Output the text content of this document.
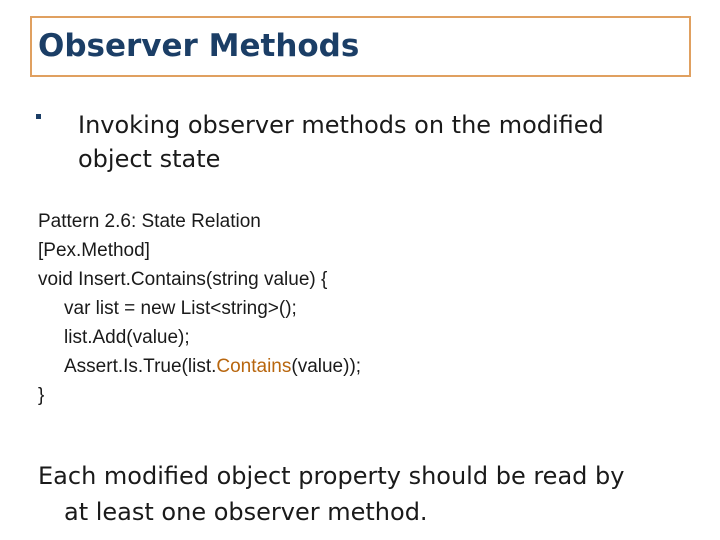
Observer Methods
Invoking observer methods on the modified
object state
Pattern 2.6: State Relation
[Pex.Method]
void Insert.Contains(string value) {
var list = new List<string>();
list.Add(value);
Assert.Is.True(list.Contains(value));
}
Each modified object property should be read by
at least one observer method.
